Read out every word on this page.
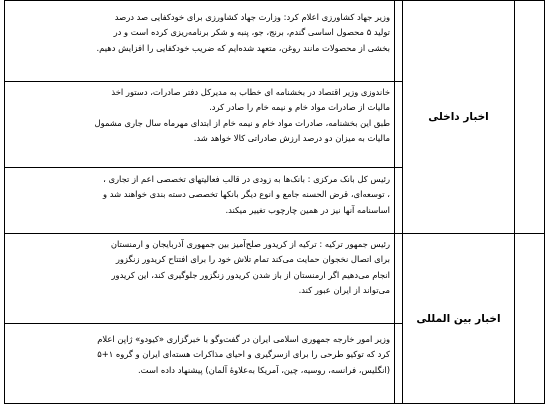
	اخبار داخلی		وزیر جهاد کشاورزی اعلام کرد: وزارت جهاد کشاورزی برای خودکفایی صد درصد
تولید ۵ محصول اساسی گندم، برنج، جو، پنبه و شکر برنامه‌ریزی کرده است و در
بخشی از محصولات مانند روغن، متعهد شده‌ایم که ضریب خودکفایی را افزایش دهیم.

			خاندوزی وزیر اقتصاد در بخشنامه ای خطاب به مدیرکل دفتر صادرات، دستور اخذ
مالیات از صادرات مواد خام و نیمه خام را صادر کرد.
طبق این بخشنامه، صادرات مواد خام و نیمه خام از ابتدای مهرماه سال جاری مشمول
مالیات به میزان دو درصد ارزش صادراتی کالا خواهد شد.

			رئیس کل بانک مرکزی : بانک‌ها به زودی در قالب فعالیتهای تخصصی اعم از تجاری ،
، توسعه‌ای، قرض الحسنه جامع و انوع دیگر بانکها تخصصی دسته بندی خواهند شد و
اساسنامه آنها نیز در همین چارچوب تغییر میکند.

	اخبار بین المللی		رئیس جمهور ترکیه : ترکیه از کریدور صلح‌آمیز بین جمهوری آذربایجان و ارمنستان
برای اتصال نخجوان حمایت می‌کند تمام تلاش خود را برای افتتاح کریدور زنگزور
انجام می‌دهیم اگر ارمنستان از باز شدن کریدور زنگزور جلوگیری کند، این کریدور
می‌تواند از ایران عبور کند.

			وزیر امور خارجه جمهوری اسلامی ایران در گفت‌وگو با خبرگزاری «کیودو» ژاپن اعلام
کرد که توکیو طرحی را برای ازسرگیری و احیای مذاکرات هسته‌ای ایران و گروه ۱+۵
(انگلیس، فرانسه، روسیه، چین، آمریکا به‌علاوهٔ آلمان) پیشنهاد داده است.
